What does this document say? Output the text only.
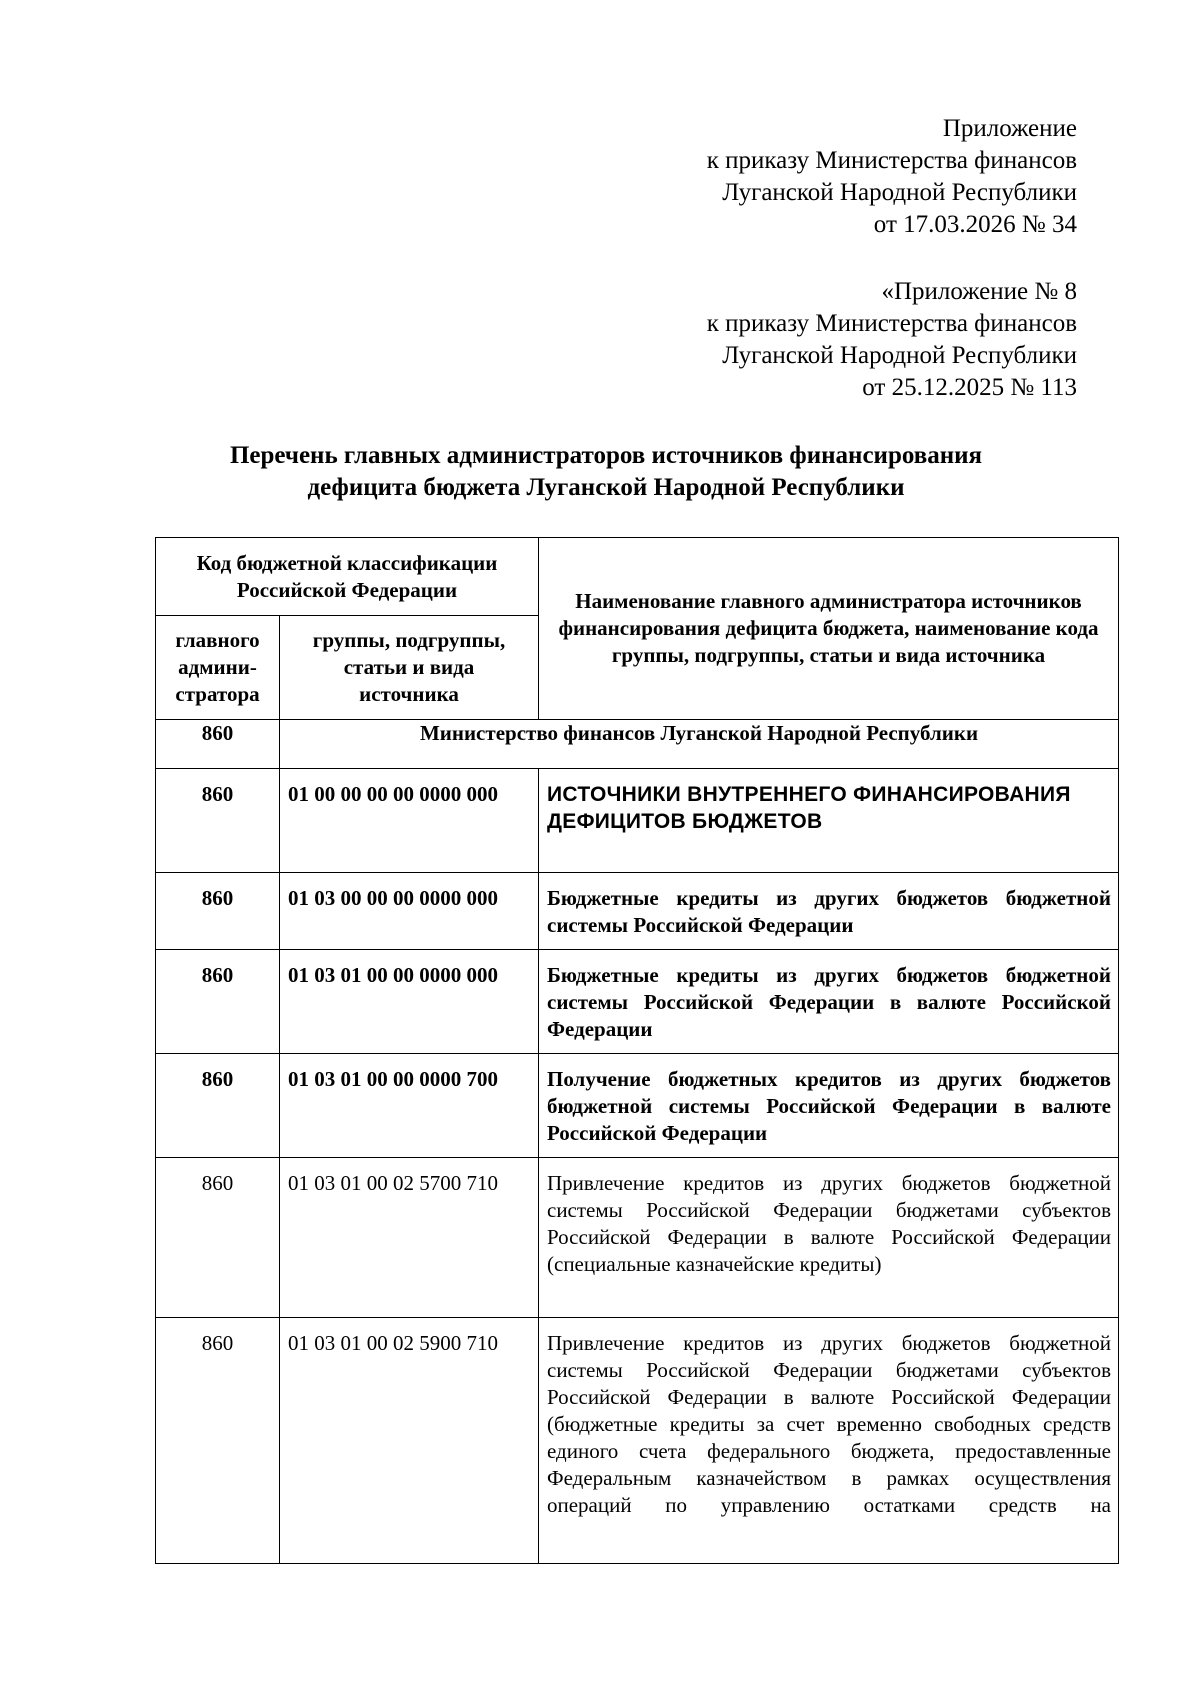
Приложение
к приказу Министерства финансов
Луганской Народной Республики
от 17.03.2026 № 34
«Приложение № 8
к приказу Министерства финансов
Луганской Народной Республики
от 25.12.2025 № 113
Перечень главных администраторов источников финансирования
дефицита бюджета Луганской Народной Республики
Код бюджетной классификации Российской Федерации		Наименование главного администратора источников финансирования дефицита бюджета, наименование кода группы, подгруппы, статьи и вида источника
главного админи- стратора	группы, подгруппы, статьи и вида источника	
860	Министерство финансов Луганской Народной Республики	
860	01 00 00 00 00 0000 000	ИСТОЧНИКИ ВНУТРЕННЕГО ФИНАНСИРОВАНИЯ ДЕФИЦИТОВ БЮДЖЕТОВ
860	01 03 00 00 00 0000 000	Бюджетные кредиты из других бюджетов бюджетной системы Российской Федерации
860	01 03 01 00 00 0000 000	Бюджетные кредиты из других бюджетов бюджетной системы Российской Федерации в валюте Российской Федерации
860	01 03 01 00 00 0000 700	Получение бюджетных кредитов из других бюджетов бюджетной системы Российской Федерации в валюте Российской Федерации
860	01 03 01 00 02 5700 710	Привлечение кредитов из других бюджетов бюджетной системы Российской Федерации бюджетами субъектов Российской Федерации в валюте Российской Федерации (специальные казначейские кредиты)
860	01 03 01 00 02 5900 710	Привлечение кредитов из других бюджетов бюджетной системы Российской Федерации бюджетами субъектов Российской Федерации в валюте Российской Федерации (бюджетные кредиты за счет временно свободных средств единого счета федерального бюджета, предоставленные Федеральным казначейством в рамках осуществления операций по управлению остатками средств на
